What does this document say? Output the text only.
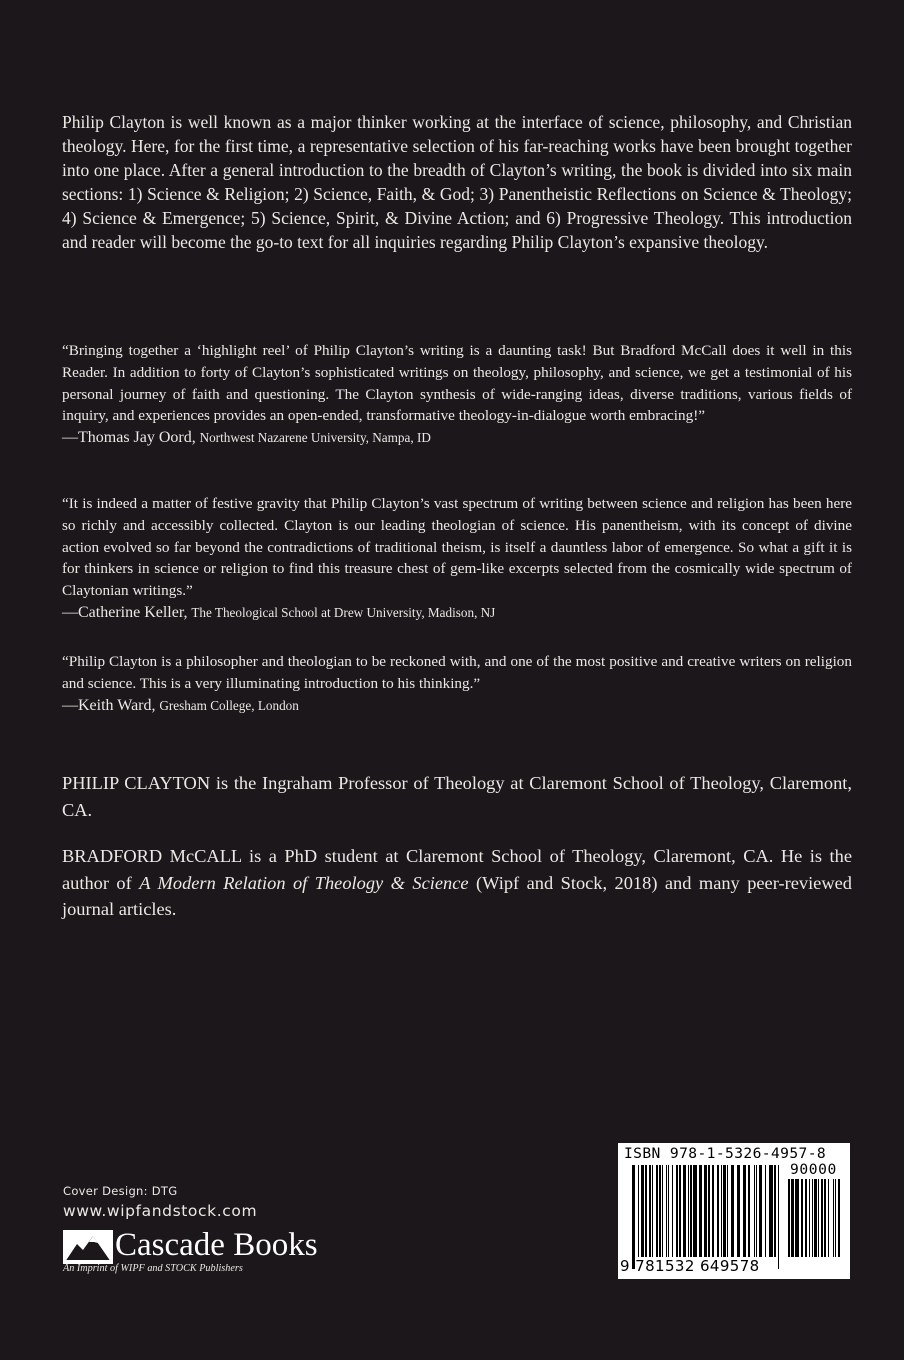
Philip Clayton is well known as a major thinker working at the interface of science, philosophy, and Christian theology. Here, for the first time, a representative selection of his far-reaching works have been brought together into one place. After a general introduction to the breadth of Clayton’s writing, the book is divided into six main sections: 1) Science & Religion; 2) Science, Faith, & God; 3) Panentheistic Reflections on Science & Theology; 4) Science & Emergence; 5) Science, Spirit, & Divine Action; and 6) Progressive Theology. This introduction and reader will become the go-to text for all inquiries regarding Philip Clayton’s expansive theology.

“Bringing together a ‘highlight reel’ of Philip Clayton’s writing is a daunting task! But Bradford McCall does it well in this Reader. In addition to forty of Clayton’s sophisticated writings on theology, philosophy, and science, we get a testimonial of his personal journey of faith and questioning. The Clayton synthesis of wide-ranging ideas, diverse traditions, various fields of inquiry, and experiences provides an open-ended, transformative theology-in-dialogue worth embracing!”
—Thomas Jay Oord, Northwest Nazarene University, Nampa, ID
“It is indeed a matter of festive gravity that Philip Clayton’s vast spectrum of writing between science and religion has been here so richly and accessibly collected. Clayton is our leading theologian of science. His panentheism, with its concept of divine action evolved so far beyond the contradictions of traditional theism, is itself a dauntless labor of emergence. So what a gift it is for thinkers in science or religion to find this treasure chest of gem-like excerpts selected from the cosmically wide spectrum of Claytonian writings.”
—Catherine Keller, The Theological School at Drew University, Madison, NJ
“Philip Clayton is a philosopher and theologian to be reckoned with, and one of the most positive and creative writers on religion and science. This is a very illuminating introduction to his thinking.”
—Keith Ward, Gresham College, London

PHILIP CLAYTON is the Ingraham Professor of Theology at Claremont School of Theology, Claremont, CA.

BRADFORD McCALL is a PhD student at Claremont School of Theology, Claremont, CA. He is the author of A Modern Relation of Theology & Science (Wipf and Stock, 2018) and many peer-reviewed journal articles.

Cover Design: DTG
www.wipfandstock.com
Cascade Books
An Imprint of WIPF and STOCK Publishers
ISBN 978-1-5326-4957-8
90000
9 781532 649578
